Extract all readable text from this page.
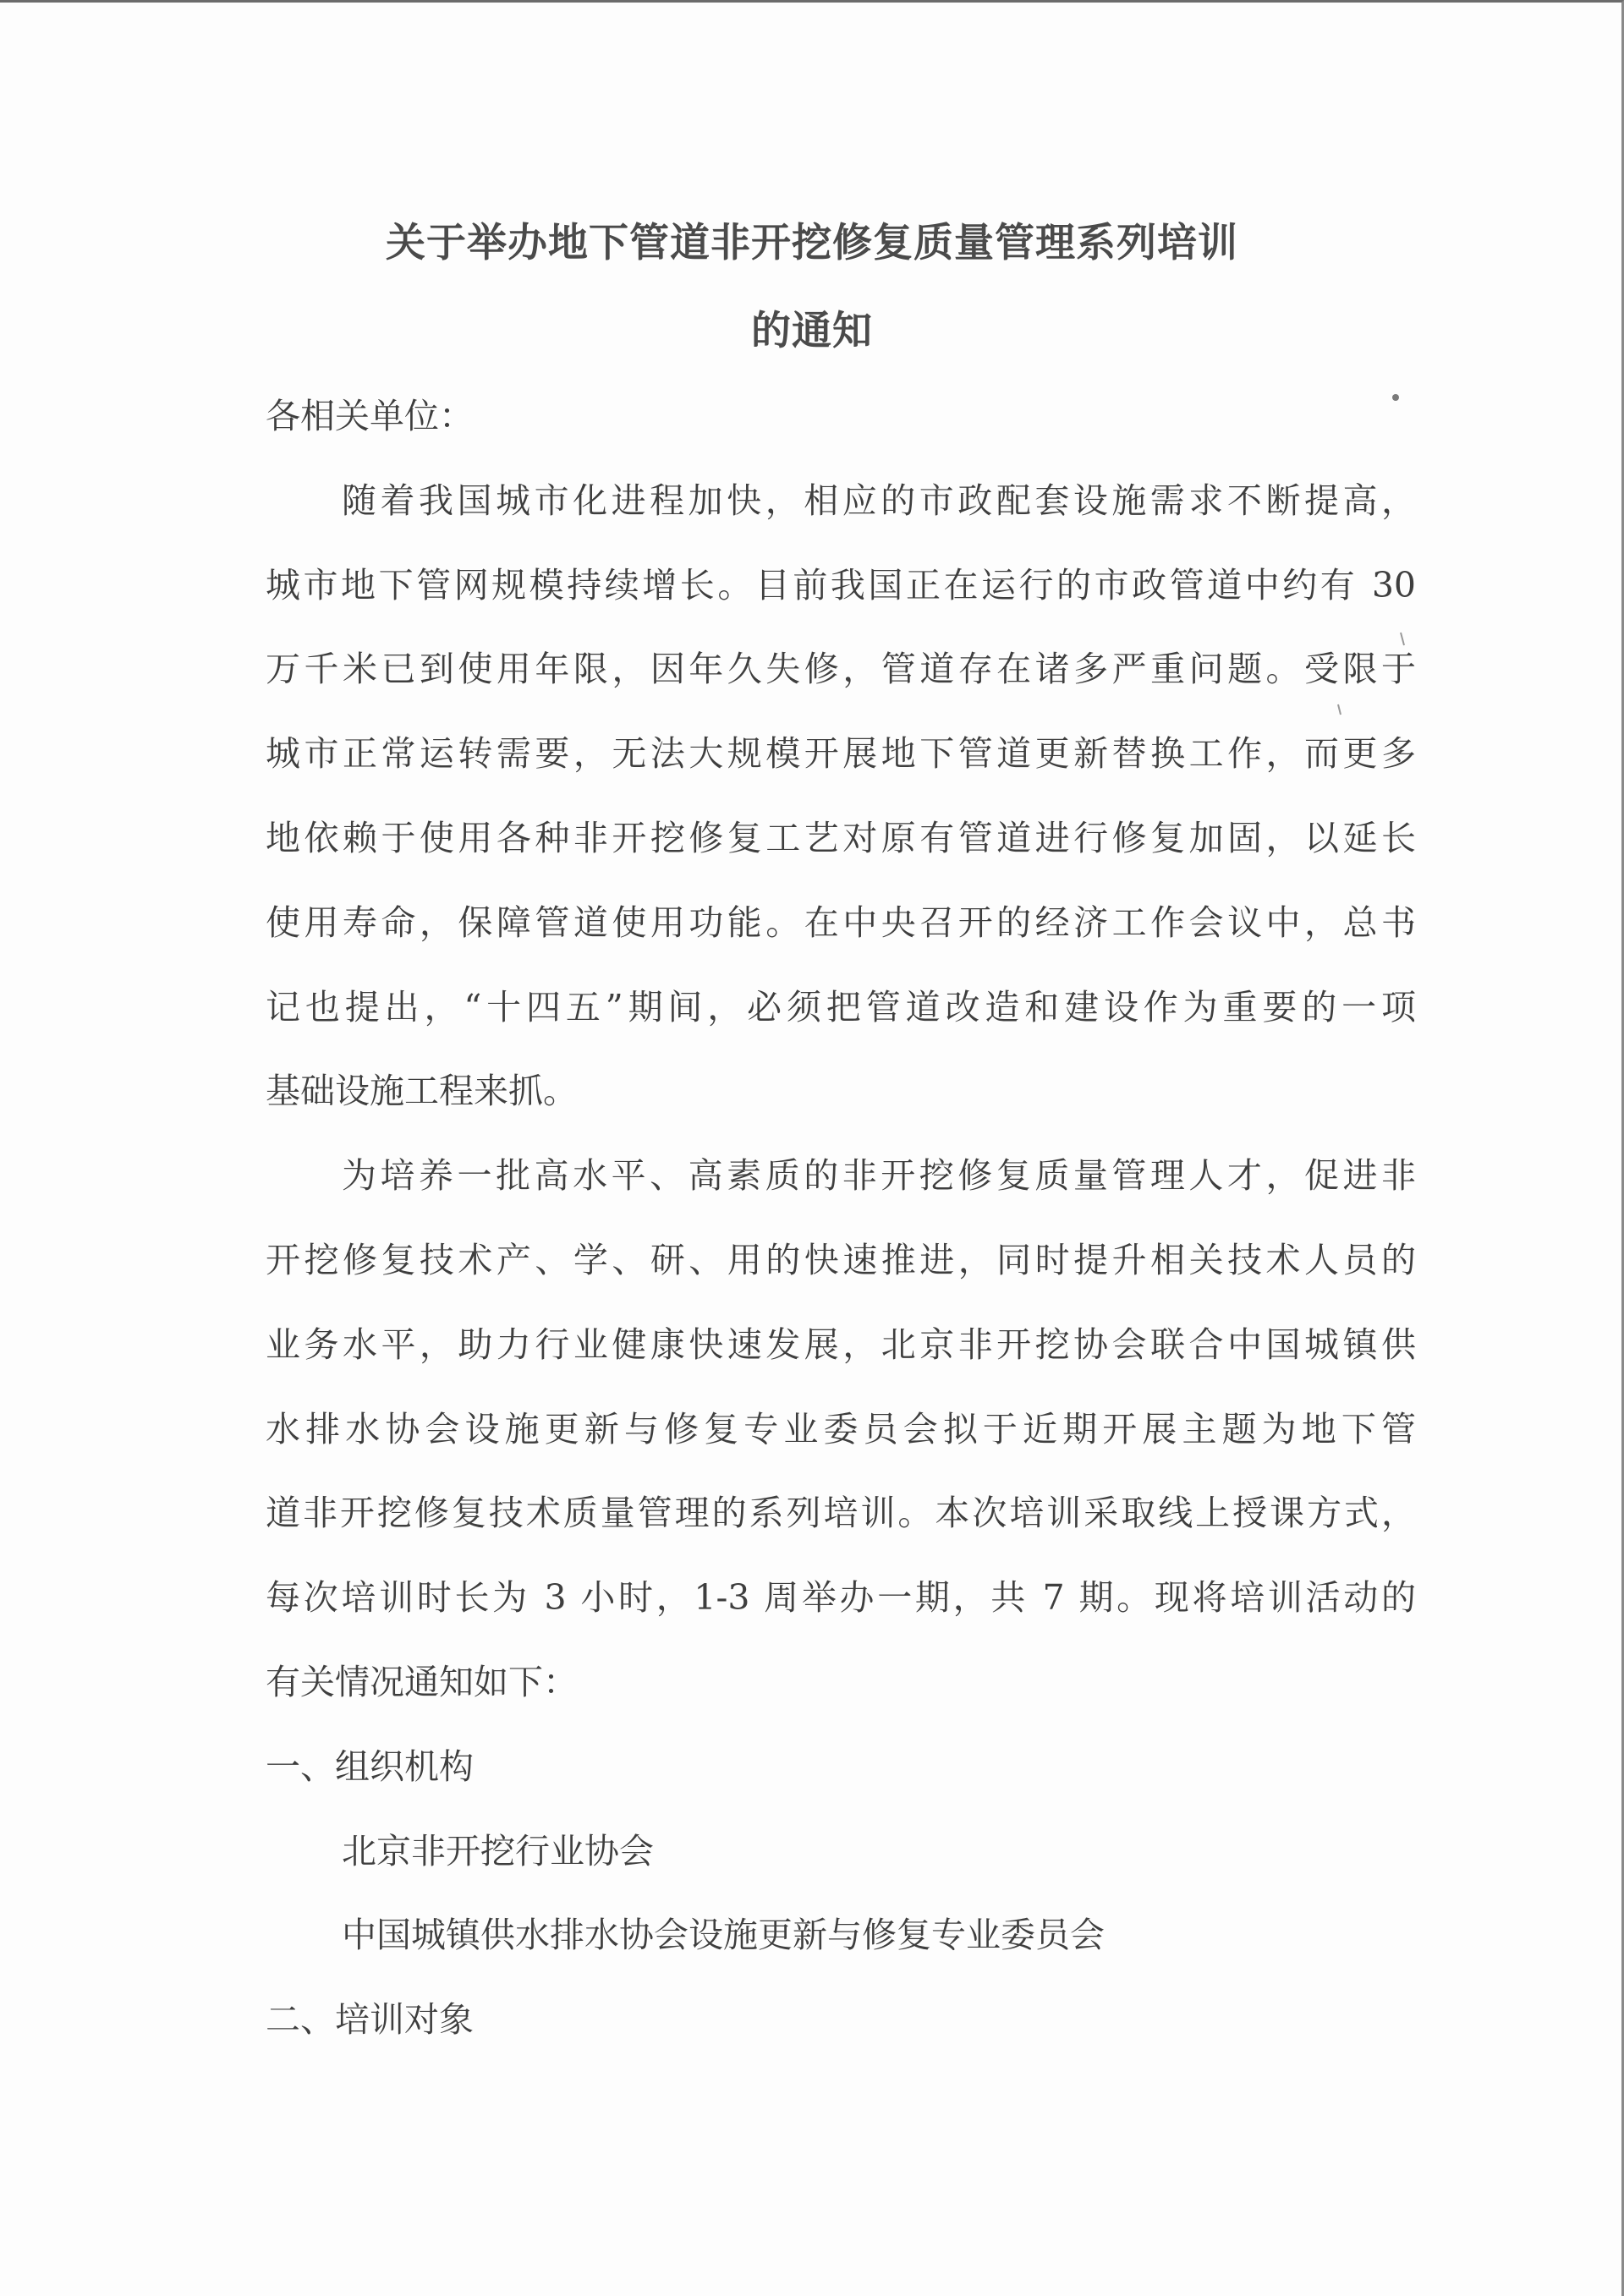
关于举办地下管道非开挖修复质量管理系列培训
的通知
各相关单位：
随着我国城市化进程加快，相应的市政配套设施需求不断提高，
城市地下管网规模持续增长。目前我国正在运行的市政管道中约有 30
万千米已到使用年限，因年久失修，管道存在诸多严重问题。受限于
城市正常运转需要，无法大规模开展地下管道更新替换工作，而更多
地依赖于使用各种非开挖修复工艺对原有管道进行修复加固，以延长
使用寿命，保障管道使用功能。在中央召开的经济工作会议中，总书
记也提出，“十四五”期间，必须把管道改造和建设作为重要的一项
基础设施工程来抓。
为培养一批高水平、高素质的非开挖修复质量管理人才，促进非
开挖修复技术产、学、研、用的快速推进，同时提升相关技术人员的
业务水平，助力行业健康快速发展，北京非开挖协会联合中国城镇供
水排水协会设施更新与修复专业委员会拟于近期开展主题为地下管
道非开挖修复技术质量管理的系列培训。本次培训采取线上授课方式，
每次培训时长为 3 小时，1-3 周举办一期，共 7 期。现将培训活动的
有关情况通知如下：
一、组织机构
北京非开挖行业协会
中国城镇供水排水协会设施更新与修复专业委员会
二、培训对象
